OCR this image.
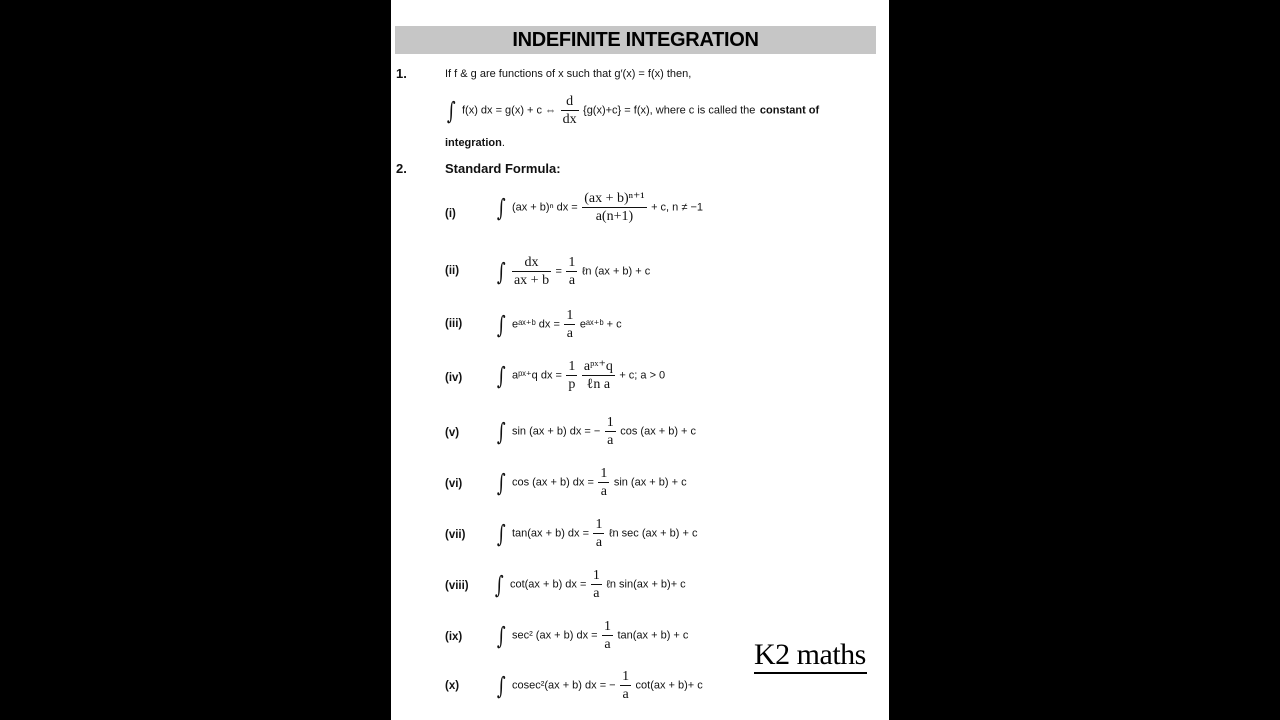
INDEFINITE INTEGRATION
1.	If f & g are functions of x such that g′(x) = f(x) then,
∫ f(x) dx = g(x) + c ⇔ $\frac{d}{dx} \{g(x)+c\} = f(x)$, where c is called the constant of
integration.
2.	Standard Formula:
(i) ∫ (ax + b)ⁿ dx = $\frac{\text{(ax + b)ⁿ⁺¹}}{a(n+1)} + c$, n ≠ −1
(ii) ∫ $\frac{dx}{ax + b} = \frac{1}{a}$ ℓn (ax + b) + c
(iii) ∫ eᵃˣ⁺ᵇ dx = $\frac{1}{a}$ eᵃˣ⁺ᵇ + c
(iv) ∫ aᵖˣ⁺q dx = $\frac{1}{p}$
$\frac{\text{aᵖˣ⁺q}}{\text{ℓn a}} + c$; a > 0
(v) ∫ sin (ax + b) dx = − $\frac{1}{a}$ cos (ax + b) + c
(vi) ∫ cos (ax + b) dx = $\frac{1}{a}$ sin (ax + b) + c
(vii) ∫ tan(ax + b) dx = $\frac{1}{a}$ ℓn sec (ax + b) + c
(viii) ∫ cot(ax + b) dx = $\frac{1}{a}$ ℓn sin(ax + b)+ c
(ix) ∫ sec² (ax + b) dx = $\frac{1}{a} \tan(ax + b) + c$
(x) ∫ cosec²(ax + b) dx = − $\frac{1}{a} \cot(ax + b)+ c$
K2 maths
